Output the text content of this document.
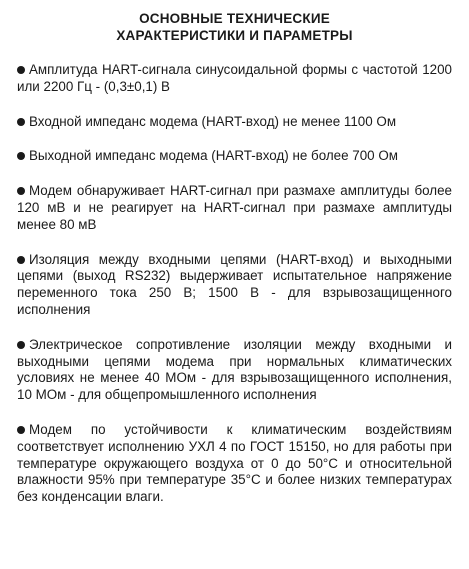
ОСНОВНЫЕ ТЕХНИЧЕСКИЕ
ХАРАКТЕРИСТИКИ И ПАРАМЕТРЫ
Амплитуда HART-сигнала синусоидальной формы с частотой 1200 или 2200 Гц - (0,3±0,1) В
Входной импеданс модема (HART-вход) не менее 1100 Ом
Выходной импеданс модема (HART-вход) не более 700 Ом
Модем обнаруживает HART-сигнал при размахе амплитуды более 120 мВ и не реагирует на HART-сигнал при размахе амплитуды менее 80 мВ
Изоляция между входными цепями (HART-вход) и выходными цепями (выход RS232) выдерживает испытательное напряжение переменного тока 250 В; 1500 В - для взрывозащищенного исполнения
Электрическое сопротивление изоляции между входными и выходными цепями модема при нормальных климатических условиях не менее 40 МОм - для взрывозащищенного исполнения, 10 МОм - для общепромышленного исполнения
Модем по устойчивости к климатическим воздействиям соответствует исполнению УХЛ 4 по ГОСТ 15150, но для работы при температуре окружающего воздуха от 0 до 50°С и относительной влажности 95% при температуре 35°С и более низких температурах без конденсации влаги.
